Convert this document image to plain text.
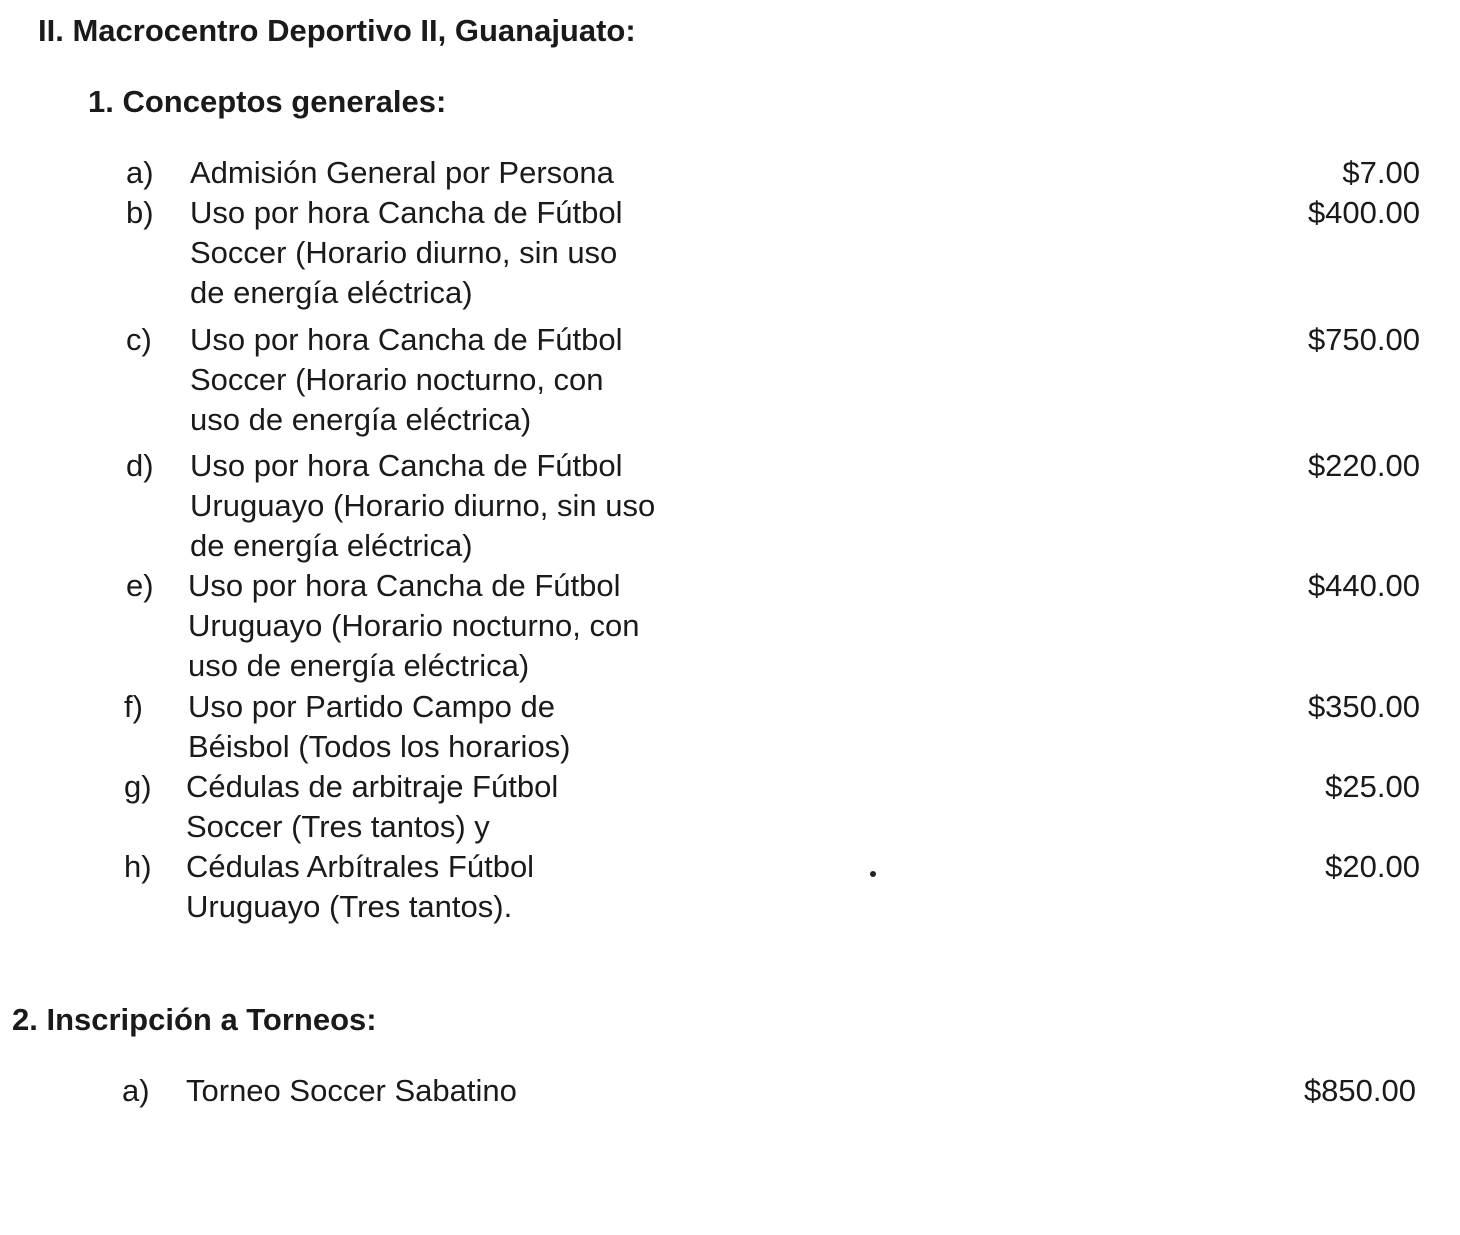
II. Macrocentro Deportivo II, Guanajuato:
1. Conceptos generales:
a) Admisión General por Persona	$7.00
b) Uso por hora Cancha de Fútbol
Soccer (Horario diurno, sin uso
de energía eléctrica)
$400.00
c) Uso por hora Cancha de Fútbol
Soccer (Horario nocturno, con
uso de energía eléctrica)
$750.00
d) Uso por hora Cancha de Fútbol
Uruguayo (Horario diurno, sin uso
de energía eléctrica)
$220.00
e) Uso por hora Cancha de Fútbol
Uruguayo (Horario nocturno, con
uso de energía eléctrica)
$440.00
f) Uso por Partido Campo de
Béisbol (Todos los horarios)
$350.00
g) Cédulas de arbitraje Fútbol
Soccer (Tres tantos) y
$25.00
h) Cédulas Arbítrales Fútbol
Uruguayo (Tres tantos).
$20.00
2. Inscripción a Torneos:
a) Torneo Soccer Sabatino	$850.00
